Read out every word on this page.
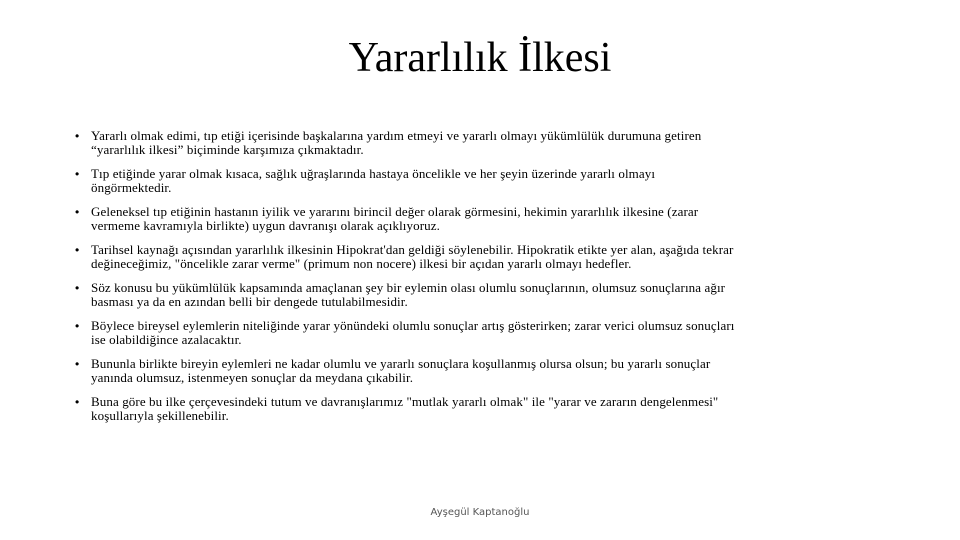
Yararlılık İlkesi
• Yararlı olmak edimi, tıp etiği içerisinde başkalarına yardım etmeyi ve yararlı olmayı yükümlülük durumuna getiren
“yararlılık ilkesi” biçiminde karşımıza çıkmaktadır.
• Tıp etiğinde yarar olmak kısaca, sağlık uğraşlarında hastaya öncelikle ve her şeyin üzerinde yararlı olmayı
öngörmektedir.
• Geleneksel tıp etiğinin hastanın iyilik ve yararını birincil değer olarak görmesini, hekimin yararlılık ilkesine (zarar
vermeme kavramıyla birlikte) uygun davranışı olarak açıklıyoruz.
• Tarihsel kaynağı açısından yararlılık ilkesinin Hipokrat'dan geldiği söylenebilir. Hipokratik etikte yer alan, aşağıda tekrar
değineceğimiz, "öncelikle zarar verme" (primum non nocere) ilkesi bir açıdan yararlı olmayı hedefler.
• Söz konusu bu yükümlülük kapsamında amaçlanan şey bir eylemin olası olumlu sonuçlarının, olumsuz sonuçlarına ağır
basması ya da en azından belli bir dengede tutulabilmesidir.
• Böylece bireysel eylemlerin niteliğinde yarar yönündeki olumlu sonuçlar artış gösterirken; zarar verici olumsuz sonuçları
ise olabildiğince azalacaktır.
• Bununla birlikte bireyin eylemleri ne kadar olumlu ve yararlı sonuçlara koşullanmış olursa olsun; bu yararlı sonuçlar
yanında olumsuz, istenmeyen sonuçlar da meydana çıkabilir.
• Buna göre bu ilke çerçevesindeki tutum ve davranışlarımız "mutlak yararlı olmak" ile "yarar ve zararın dengelenmesi"
koşullarıyla şekillenebilir.
Ayşegül Kaptanoğlu
